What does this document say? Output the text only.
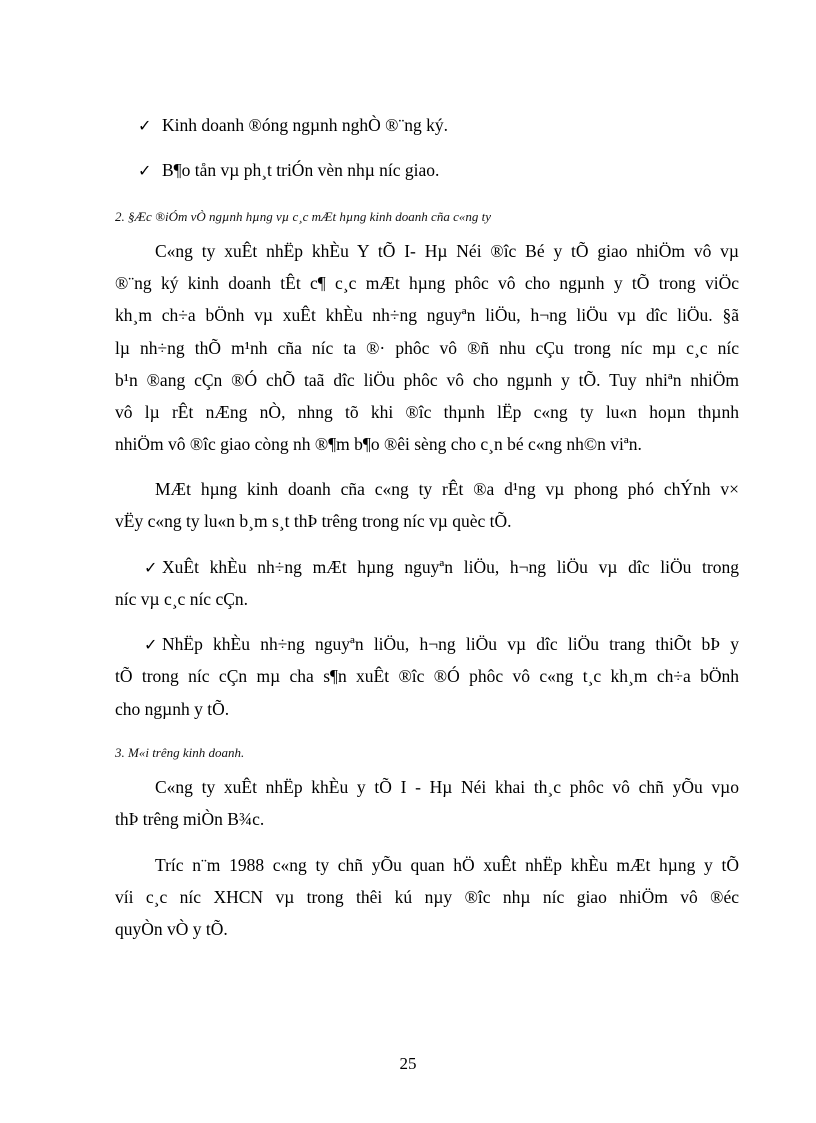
✓ Kinh doanh ®óng ngµnh nghÒ ®¨ng ký.
✓ B¶o tån vµ ph¸t triÓn vèn nhµ níc giao.
2. §Æc ®iÓm vÒ ngµnh hµng vµ c¸c mÆt hµng kinh doanh cña c«ng ty
C«ng ty xuÊt nhËp khÈu Y tÕ I- Hµ Néi ®îc Bé y tÕ giao nhiÖm vô vµ
®¨ng ký kinh doanh tÊt c¶ c¸c mÆt hµng phôc vô cho ngµnh y tÕ trong viÖc
kh¸m ch÷a bÖnh vµ xuÊt khÈu nh÷ng nguyªn liÖu, h¬ng liÖu vµ dîc liÖu. §ã
lµ nh÷ng thÕ m¹nh cña níc ta ®· phôc vô ®ñ nhu cÇu trong níc mµ c¸c níc
b¹n ®ang cÇn ®Ó chÕ taã dîc liÖu phôc vô cho ngµnh y tÕ. Tuy nhiªn nhiÖm
vô lµ rÊt nÆng nÒ, nhng tõ khi ®îc thµnh lËp c«ng ty lu«n hoµn thµnh
nhiÖm vô ®îc giao còng nh ®¶m b¶o ®êi sèng cho c¸n bé c«ng nh©n viªn.
MÆt hµng kinh doanh cña c«ng ty rÊt ®a d¹ng vµ phong phó chÝnh v×
vËy c«ng ty lu«n b¸m s¸t thÞ trêng trong níc vµ quèc tÕ.
✓ XuÊt khÈu nh÷ng mÆt hµng nguyªn liÖu, h¬ng liÖu vµ dîc liÖu trong
níc vµ c¸c níc cÇn.
✓ NhËp khÈu nh÷ng nguyªn liÖu, h¬ng liÖu vµ dîc liÖu trang thiÕt bÞ y
tÕ trong níc cÇn mµ cha s¶n xuÊt ®îc ®Ó phôc vô c«ng t¸c kh¸m ch÷a bÖnh
cho ngµnh y tÕ.
3. M«i trêng kinh doanh.
C«ng ty xuÊt nhËp khÈu y tÕ I - Hµ Néi khai th¸c phôc vô chñ yÕu vµo
thÞ trêng miÒn B¾c.
Tríc n¨m 1988 c«ng ty chñ yÕu quan hÖ xuÊt nhËp khÈu mÆt hµng y tÕ
víi c¸c níc XHCN vµ trong thêi kú nµy ®îc nhµ níc giao nhiÖm vô ®éc
quyÒn vÒ y tÕ.
25
